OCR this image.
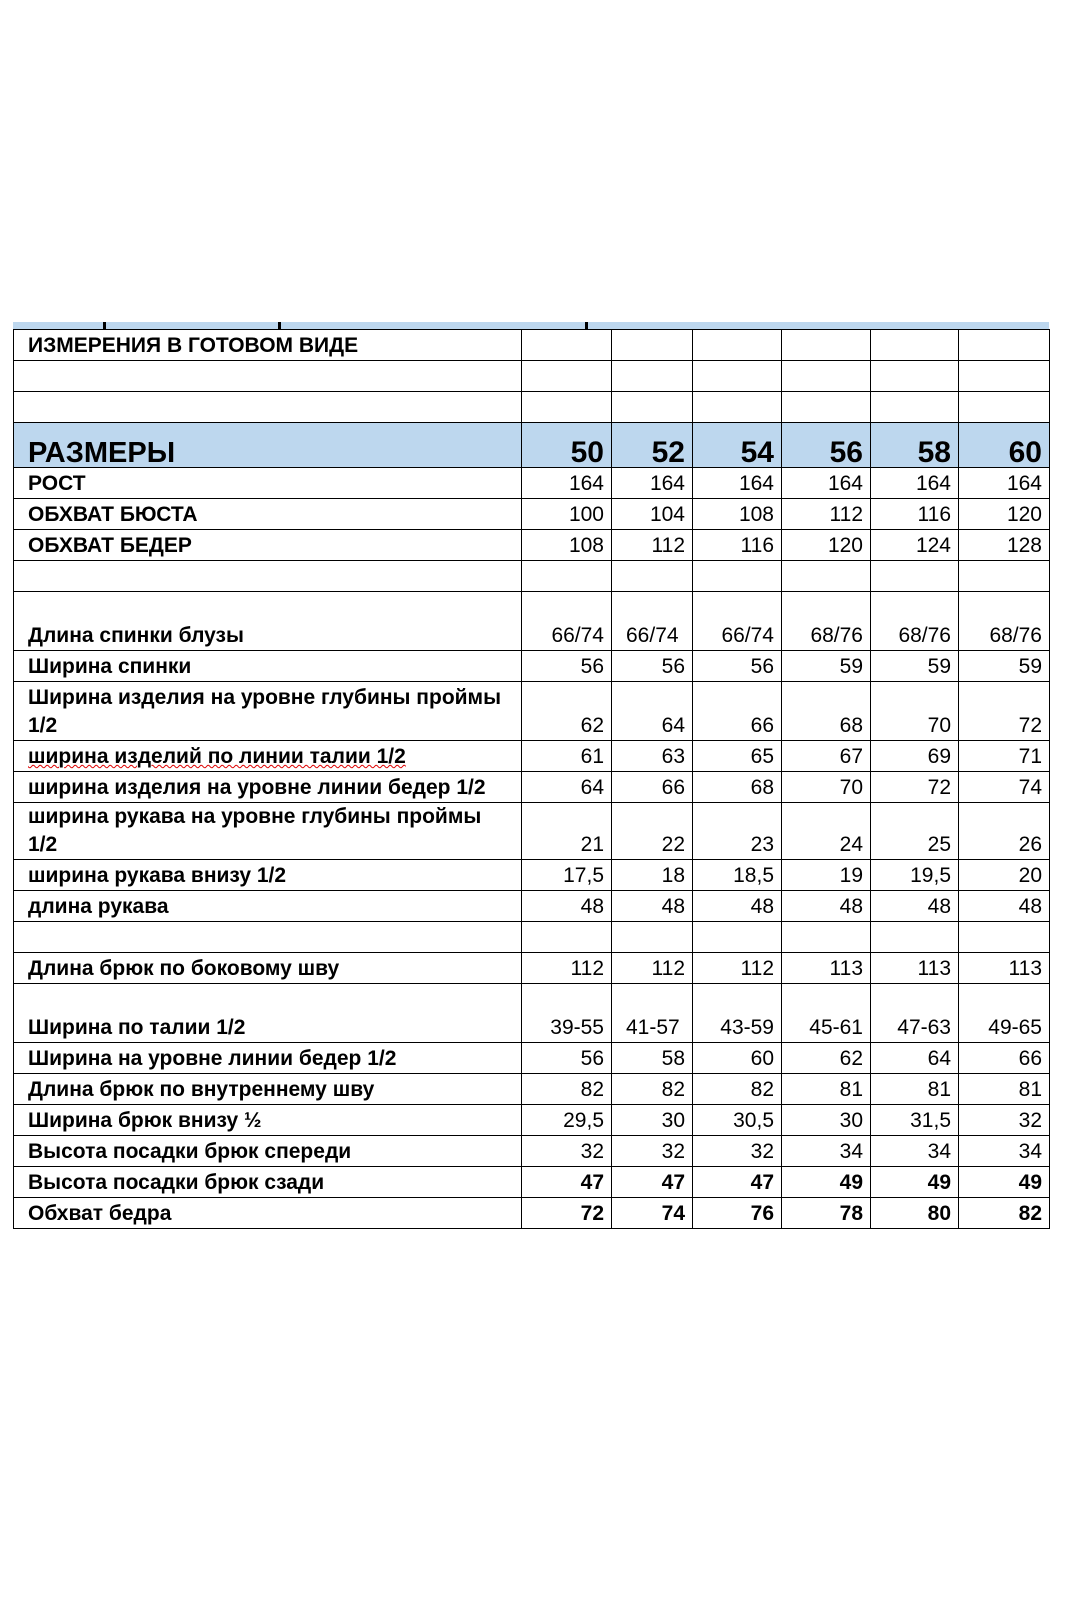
ИЗМЕРЕНИЯ В ГОТОВОМ ВИДЕ						

РАЗМЕРЫ	50	52	54	56	58	60
РОСТ	164	164	164	164	164	164
ОБХВАТ БЮСТА	100	104	108	112	116	120
ОБХВАТ БЕДЕР	108	112	116	120	124	128

Длина спинки блузы	66/74	66/74	66/74	68/76	68/76	68/76
Ширина спинки	56	56	56	59	59	59
Ширина изделия на уровне глубины проймы 1/2	62	64	66	68	70	72
ширина изделий по линии талии 1/2	61	63	65	67	69	71
ширина изделия на уровне линии бедер 1/2	64	66	68	70	72	74
ширина рукава на уровне глубины проймы 1/2	21	22	23	24	25	26
ширина рукава внизу 1/2	17,5	18	18,5	19	19,5	20
длина рукава	48	48	48	48	48	48

Длина брюк по боковому шву	112	112	112	113	113	113
Ширина по талии 1/2	39-55	41-57	43-59	45-61	47-63	49-65
Ширина на уровне линии бедер 1/2	56	58	60	62	64	66
Длина брюк по внутреннему шву	82	82	82	81	81	81
Ширина брюк внизу ½	29,5	30	30,5	30	31,5	32
Высота посадки брюк спереди	32	32	32	34	34	34
Высота посадки брюк сзади	47	47	47	49	49	49
Обхват бедра	72	74	76	78	80	82
